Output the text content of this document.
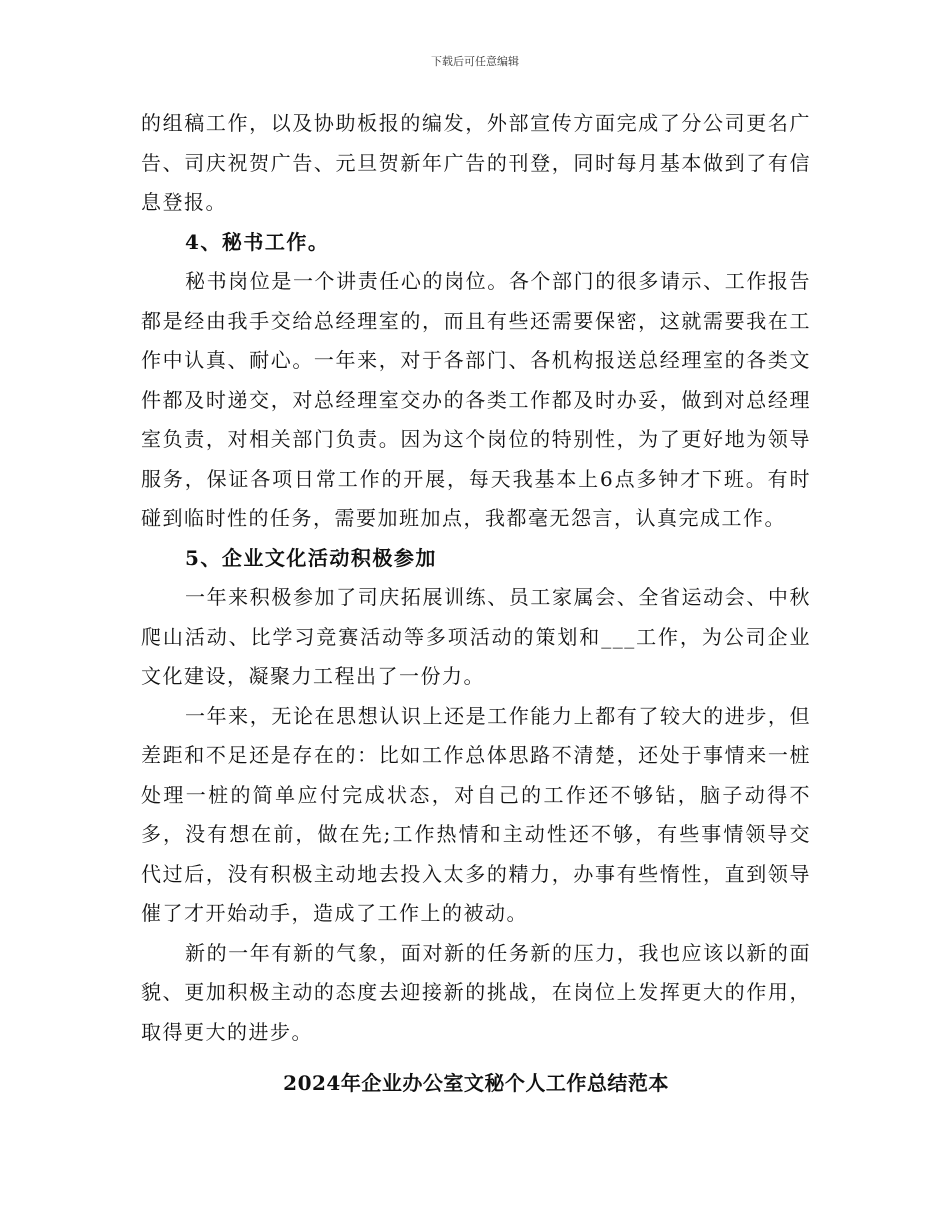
下载后可任意编辑

的组稿工作，以及协助板报的编发，外部宣传方面完成了分公司更名广告、司庆祝贺广告、元旦贺新年广告的刊登，同时每月基本做到了有信息登报。

4、秘书工作。

秘书岗位是一个讲责任心的岗位。各个部门的很多请示、工作报告都是经由我手交给总经理室的，而且有些还需要保密，这就需要我在工作中认真、耐心。一年来，对于各部门、各机构报送总经理室的各类文件都及时递交，对总经理室交办的各类工作都及时办妥，做到对总经理室负责，对相关部门负责。因为这个岗位的特别性，为了更好地为领导服务，保证各项日常工作的开展，每天我基本上6点多钟才下班。有时碰到临时性的任务，需要加班加点，我都毫无怨言，认真完成工作。

5、企业文化活动积极参加

一年来积极参加了司庆拓展训练、员工家属会、全省运动会、中秋爬山活动、比学习竞赛活动等多项活动的策划和___工作，为公司企业文化建设，凝聚力工程出了一份力。

一年来，无论在思想认识上还是工作能力上都有了较大的进步，但差距和不足还是存在的：比如工作总体思路不清楚，还处于事情来一桩处理一桩的简单应付完成状态，对自己的工作还不够钻，脑子动得不多，没有想在前，做在先;工作热情和主动性还不够，有些事情领导交代过后，没有积极主动地去投入太多的精力，办事有些惰性，直到领导催了才开始动手，造成了工作上的被动。

新的一年有新的气象，面对新的任务新的压力，我也应该以新的面貌、更加积极主动的态度去迎接新的挑战，在岗位上发挥更大的作用，取得更大的进步。

2024年企业办公室文秘个人工作总结范本
